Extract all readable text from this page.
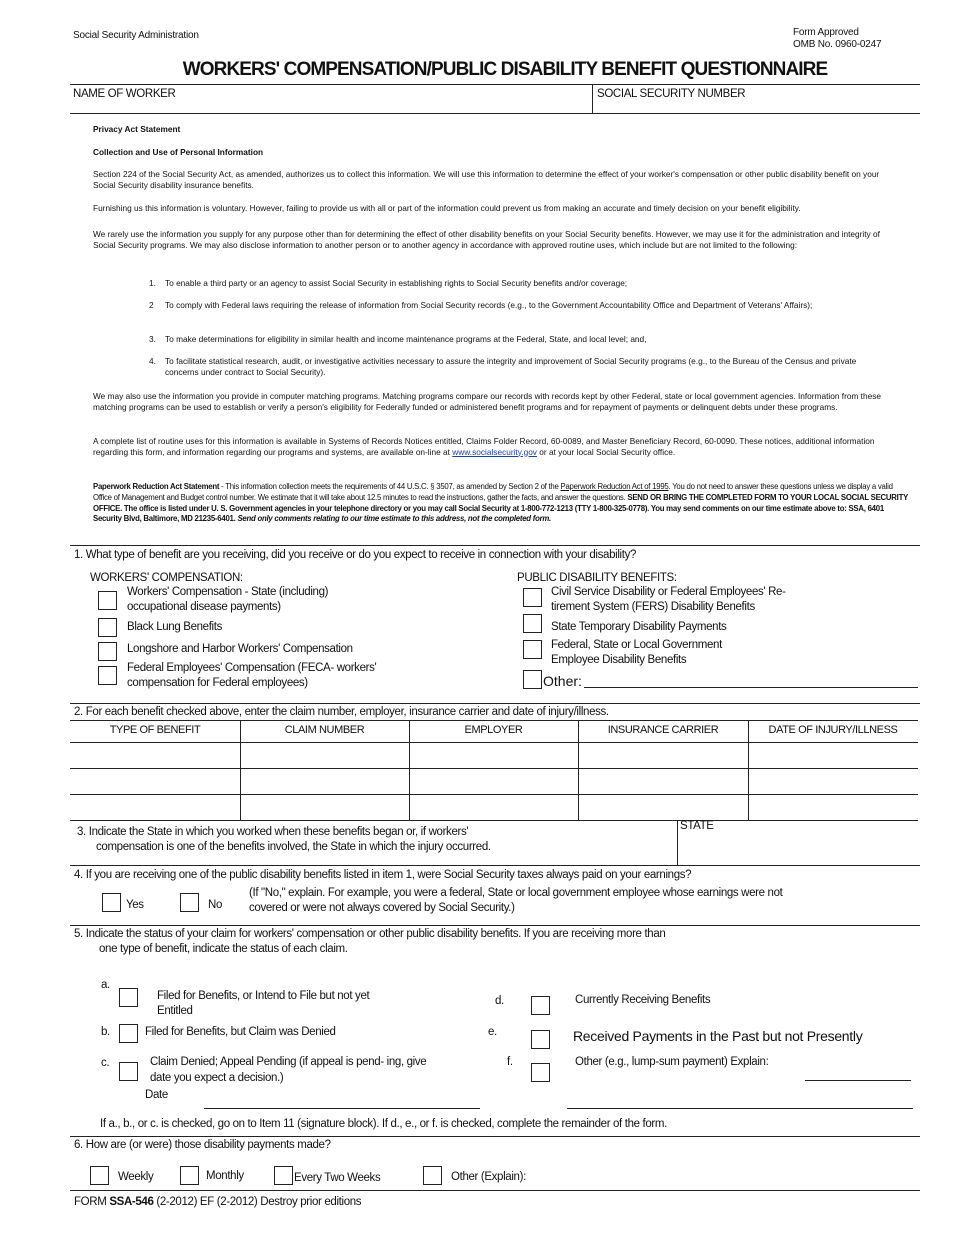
Social Security Administration	Form Approved
OMB No. 0960-0247
WORKERS' COMPENSATION/PUBLIC DISABILITY BENEFIT QUESTIONNAIRE
NAME OF WORKER	SOCIAL SECURITY NUMBER
Privacy Act Statement
Collection and Use of Personal Information
Section 224 of the Social Security Act, as amended, authorizes us to collect this information. We will use this information to determine the effect of your worker's compensation or other public disability benefit on your Social Security disability insurance benefits.
Furnishing us this information is voluntary. However, failing to provide us with all or part of the information could prevent us from making an accurate and timely decision on your benefit eligibility.
We rarely use the information you supply for any purpose other than for determining the effect of other disability benefits on your Social Security benefits. However, we may use it for the administration and integrity of Social Security programs. We may also disclose information to another person or to another agency in accordance with approved routine uses, which include but are not limited to the following:
1. To enable a third party or an agency to assist Social Security in establishing rights to Social Security benefits and/or coverage;
2 To comply with Federal laws requiring the release of information from Social Security records (e.g., to the Government Accountability Office and Department of Veterans' Affairs);
3. To make determinations for eligibility in similar health and income maintenance programs at the Federal, State, and local level; and,
4. To facilitate statistical research, audit, or investigative activities necessary to assure the integrity and improvement of Social Security programs (e.g., to the Bureau of the Census and private concerns under contract to Social Security).
We may also use the information you provide in computer matching programs. Matching programs compare our records with records kept by other Federal, state or local government agencies. Information from these matching programs can be used to establish or verify a person's eligibility for Federally funded or administered benefit programs and for repayment of payments or delinquent debts under these programs.
A complete list of routine uses for this information is available in Systems of Records Notices entitled, Claims Folder Record, 60-0089, and Master Beneficiary Record, 60-0090. These notices, additional information regarding this form, and information regarding our programs and systems, are available on-line at www.socialsecurity.gov or at your local Social Security office.
Paperwork Reduction Act Statement - This information collection meets the requirements of 44 U.S.C. § 3507, as amended by Section 2 of the Paperwork Reduction Act of 1995. You do not need to answer these questions unless we display a valid Office of Management and Budget control number. We estimate that it will take about 12.5 minutes to read the instructions, gather the facts, and answer the questions. SEND OR BRING THE COMPLETED FORM TO YOUR LOCAL SOCIAL SECURITY OFFICE. The office is listed under U. S. Government agencies in your telephone directory or you may call Social Security at 1-800-772-1213 (TTY 1-800-325-0778). You may send comments on our time estimate above to: SSA, 6401 Security Blvd, Baltimore, MD 21235-6401. Send only comments relating to our time estimate to this address, not the completed form.
1. What type of benefit are you receiving, did you receive or do you expect to receive in connection with your disability?
WORKERS' COMPENSATION:	PUBLIC DISABILITY BENEFITS:
Workers' Compensation - State (including)
occupational disease payments)
Black Lung Benefits
Longshore and Harbor Workers' Compensation
Federal Employees' Compensation (FECA- workers'
compensation for Federal employees)
Civil Service Disability or Federal Employees' Re-
tirement System (FERS) Disability Benefits
State Temporary Disability Payments
Federal, State or Local Government
Employee Disability Benefits
Other:
2. For each benefit checked above, enter the claim number, employer, insurance carrier and date of injury/illness.
TYPE OF BENEFIT	CLAIM NUMBER	EMPLOYER	INSURANCE CARRIER	DATE OF INJURY/ILLNESS
3. Indicate the State in which you worked when these benefits began or, if workers'
compensation is one of the benefits involved, the State in which the injury occurred.
STATE
4. If you are receiving one of the public disability benefits listed in item 1, were Social Security taxes always paid on your earnings?
Yes	No
(If "No," explain. For example, you were a federal, State or local government employee whose earnings were not
covered or were not always covered by Social Security.)
5. Indicate the status of your claim for workers' compensation or other public disability benefits. If you are receiving more than
one type of benefit, indicate the status of each claim.
a.
Filed for Benefits, or Intend to File but not yet
Entitled
b.	Filed for Benefits, but Claim was Denied
c.	Claim Denied; Appeal Pending (if appeal is pend- ing, give
date you expect a decision.)
Date
d.	Currently Receiving Benefits
e.	Received Payments in the Past but not Presently
f.	Other (e.g., lump-sum payment) Explain:
If a., b., or c. is checked, go on to Item 11 (signature block). If d., e., or f. is checked, complete the remainder of the form.
6. How are (or were) those disability payments made?
Weekly	Monthly	Every Two Weeks	Other (Explain):
FORM SSA-546 (2-2012) EF (2-2012) Destroy prior editions
